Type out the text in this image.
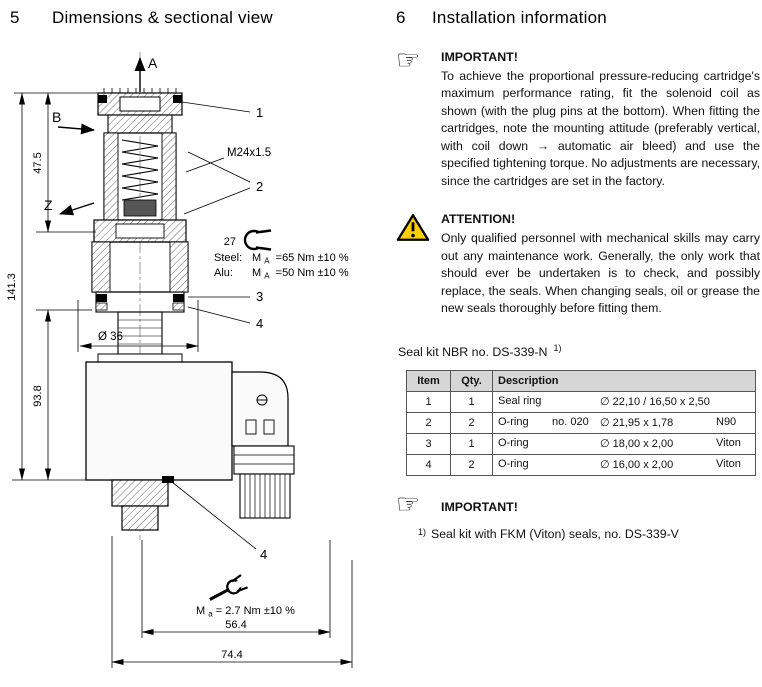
5	Dimensions & sectional view
A
B
Z
1
2
3
4
4
M24x1.5
27
Steel: M $_A$ =65 Nm ±10 %
Alu: M $_A$ =50 Nm ±10 %
M $_a$ = 2.7 Nm ±10 %
47.5
141.3
93.8
Ø 36
56.4
74.4
6	Installation information
☞	IMPORTANT!

To achieve the proportional pressure-reducing cartridge's maximum performance rating, fit the solenoid coil as shown (with the plug pins at the bottom). When fitting the cartridges, note the mounting attitude (preferably vertical, with coil down → automatic air bleed) and use the specified tightening torque. No adjustments are necessary, since the cartridges are set in the factory.

ATTENTION!

Only qualified personnel with mechanical skills may carry out any maintenance work. Generally, the only work that should ever be undertaken is to check, and possibly replace, the seals. When changing seals, oil or grease the new seals thoroughly before fitting them.

Seal kit NBR no. DS-339-N $^{1)}$
Item	Qty.	Description
1	1	Seal ring ∅ 22,10 / 16,50 x 2,50
2	2	O-ring no. 020 ∅ 21,95 x 1,78 N90
3	1	O-ring ∅ 18,00 x 2,00 Viton
4	2	O-ring ∅ 16,00 x 2,00 Viton
☞	IMPORTANT!
1) Seal kit with FKM (Viton) seals, no. DS-339-V
